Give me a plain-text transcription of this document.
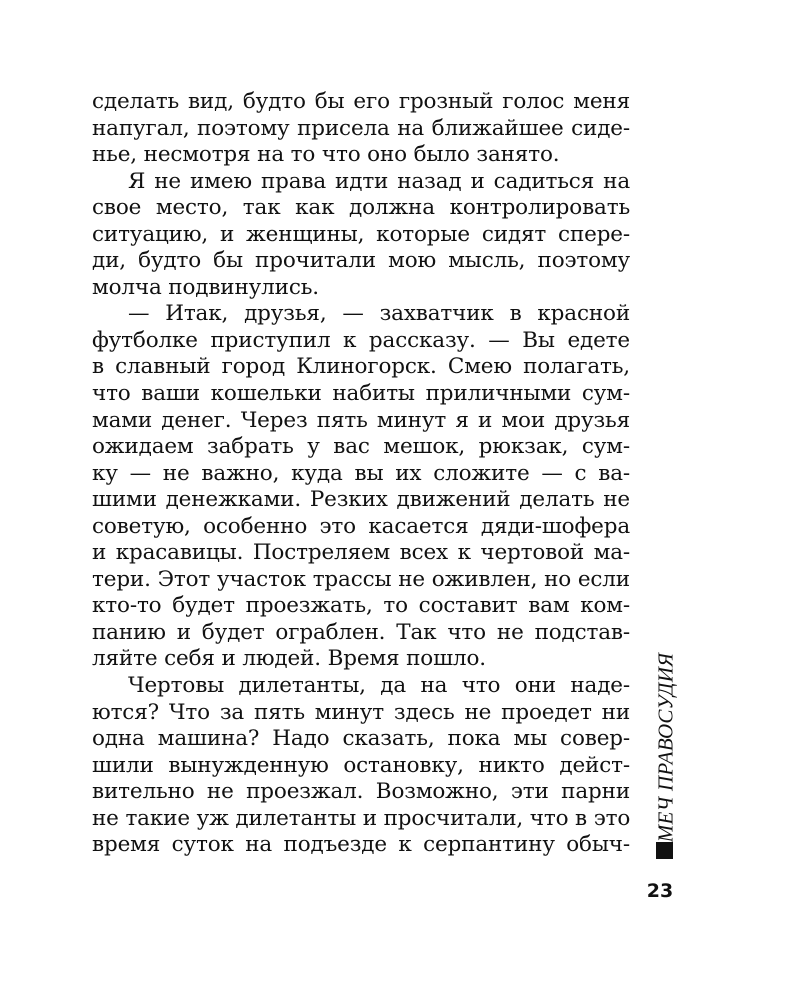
сделать вид, будто бы его грозный голос меня
напугал, поэтому присела на ближайшее сиде-
нье, несмотря на то что оно было занято.
Я не имею права идти назад и садиться на
свое место, так как должна контролировать
ситуацию, и женщины, которые сидят спере-
ди, будто бы прочитали мою мысль, поэтому
молча подвинулись.
— Итак, друзья, — захватчик в красной
футболке приступил к рассказу. — Вы едете
в славный город Клиногорск. Смею полагать,
что ваши кошельки набиты приличными сум-
мами денег. Через пять минут я и мои друзья
ожидаем забрать у вас мешок, рюкзак, сум-
ку — не важно, куда вы их сложите — с ва-
шими денежками. Резких движений делать не
советую, особенно это касается дяди-шофера
и красавицы. Постреляем всех к чертовой ма-
тери. Этот участок трассы не оживлен, но если
кто-то будет проезжать, то составит вам ком-
панию и будет ограблен. Так что не подстав-
ляйте себя и людей. Время пошло.
Чертовы дилетанты, да на что они наде-
ются? Что за пять минут здесь не проедет ни
одна машина? Надо сказать, пока мы совер-
шили вынужденную остановку, никто дейст-
вительно не проезжал. Возможно, эти парни
не такие уж дилетанты и просчитали, что в это
время суток на подъезде к серпантину обыч-
МЕЧ ПРАВОСУДИЯ
23
